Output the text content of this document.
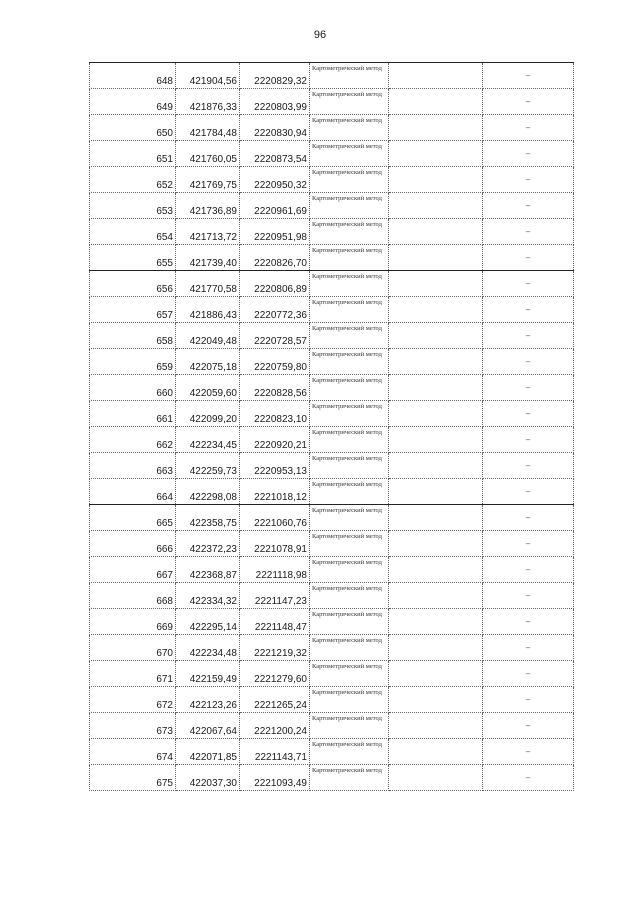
96
648	421904,56	2220829,32	Картометрический метод		–
649	421876,33	2220803,99	Картометрический метод		–
650	421784,48	2220830,94	Картометрический метод		–
651	421760,05	2220873,54	Картометрический метод		–
652	421769,75	2220950,32	Картометрический метод		–
653	421736,89	2220961,69	Картометрический метод		–
654	421713,72	2220951,98	Картометрический метод		–
655	421739,40	2220826,70	Картометрический метод		–
656	421770,58	2220806,89	Картометрический метод		–
657	421886,43	2220772,36	Картометрический метод		–
658	422049,48	2220728,57	Картометрический метод		–
659	422075,18	2220759,80	Картометрический метод		–
660	422059,60	2220828,56	Картометрический метод		–
661	422099,20	2220823,10	Картометрический метод		–
662	422234,45	2220920,21	Картометрический метод		–
663	422259,73	2220953,13	Картометрический метод		–
664	422298,08	2221018,12	Картометрический метод		–
665	422358,75	2221060,76	Картометрический метод		–
666	422372,23	2221078,91	Картометрический метод		–
667	422368,87	2221118,98	Картометрический метод		–
668	422334,32	2221147,23	Картометрический метод		–
669	422295,14	2221148,47	Картометрический метод		–
670	422234,48	2221219,32	Картометрический метод		–
671	422159,49	2221279,60	Картометрический метод		–
672	422123,26	2221265,24	Картометрический метод		–
673	422067,64	2221200,24	Картометрический метод		–
674	422071,85	2221143,71	Картометрический метод		–
675	422037,30	2221093,49	Картометрический метод		–
